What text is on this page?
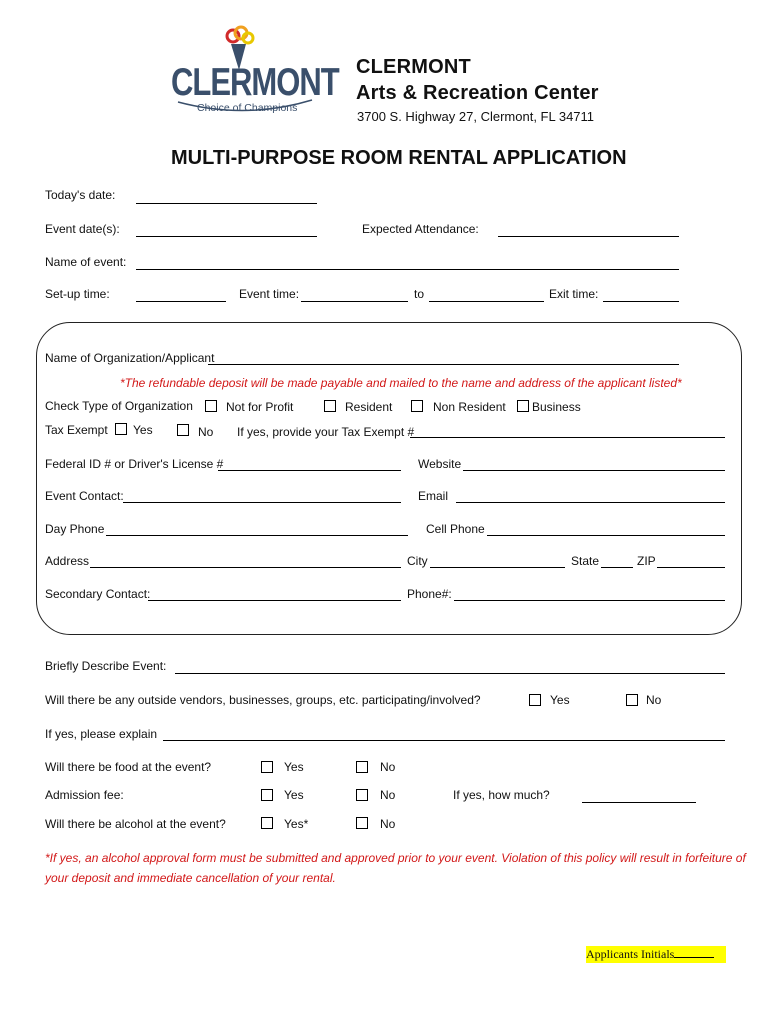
CLERMONT
Choice of Champions
CLERMONT
Arts & Recreation Center
3700 S. Highway 27, Clermont, FL 34711
MULTI-PURPOSE ROOM RENTAL APPLICATION
Today's date:
Event date(s):	Expected Attendance:
Name of event:
Set-up time:	Event time:	to	Exit time:
Name of Organization/Applicant
*The refundable deposit will be made payable and mailed to the name and address of the applicant listed*
Check Type of Organization	Not for Profit	Resident	Non Resident Business
Tax Exempt Yes	No If yes, provide your Tax Exempt #
Federal ID # or Driver's License #	Website
Event Contact:	Email
Day Phone	Cell Phone
Address	City	State	ZIP
Secondary Contact:	Phone#:
Briefly Describe Event:
Will there be any outside vendors, businesses, groups, etc. participating/involved?	Yes	No
If yes, please explain
Will there be food at the event?	Yes	No
Admission fee:	Yes	No	If yes, how much?
Will there be alcohol at the event?	Yes*	No
*If yes, an alcohol approval form must be submitted and approved prior to your event. Violation of this policy will result in forfeiture of
your deposit and immediate cancellation of your rental.
Applicants Initials
